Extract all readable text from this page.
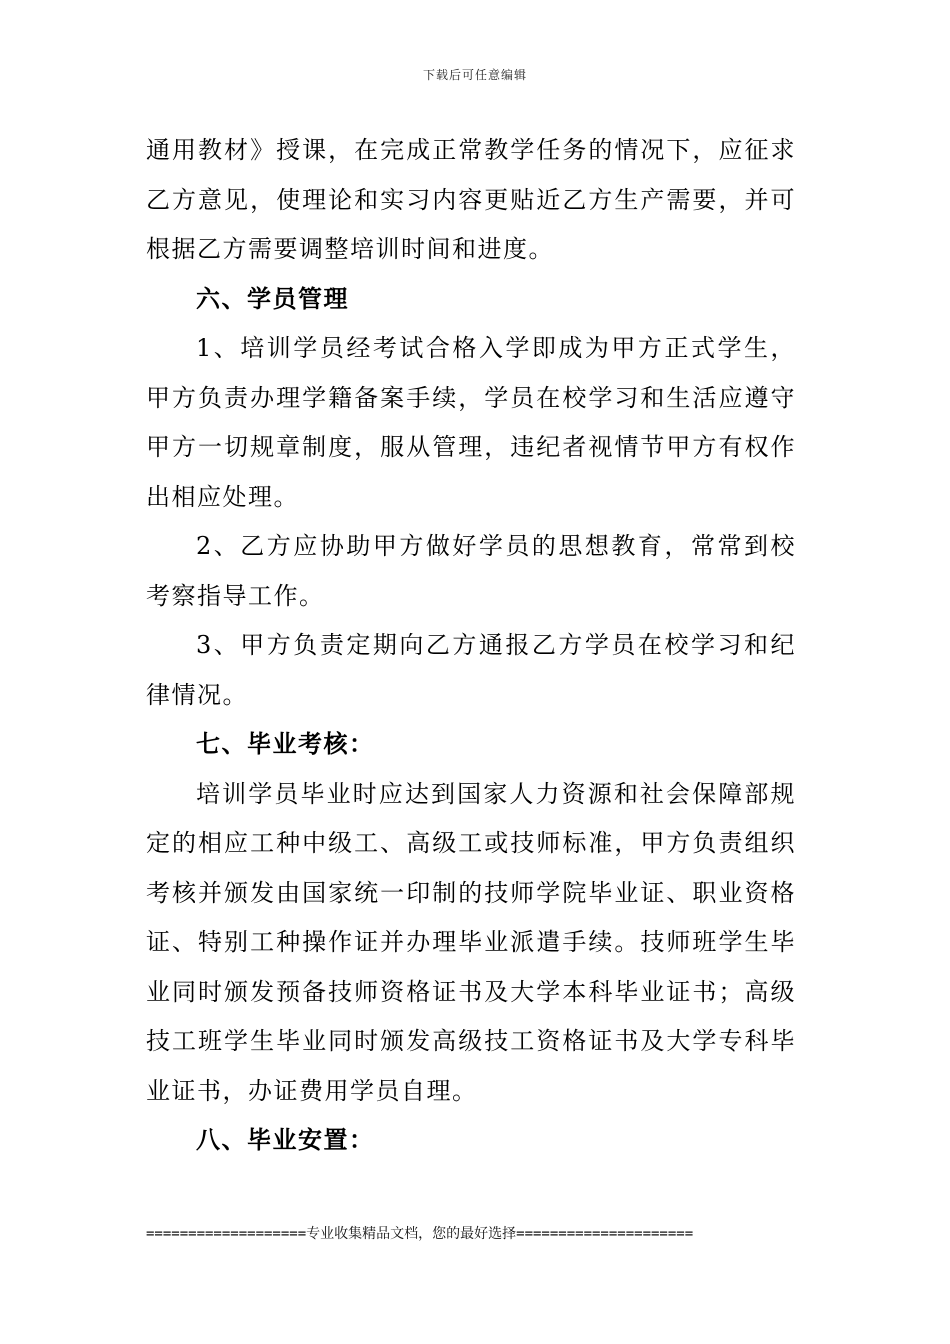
下载后可任意编辑

通用教材》授课，在完成正常教学任务的情况下，应征求乙方意见，使理论和实习内容更贴近乙方生产需要，并可根据乙方需要调整培训时间和进度。

六、学员管理

1、培训学员经考试合格入学即成为甲方正式学生，甲方负责办理学籍备案手续，学员在校学习和生活应遵守甲方一切规章制度，服从管理，违纪者视情节甲方有权作出相应处理。

2、乙方应协助甲方做好学员的思想教育，常常到校考察指导工作。

3、甲方负责定期向乙方通报乙方学员在校学习和纪律情况。

七、毕业考核：

培训学员毕业时应达到国家人力资源和社会保障部规定的相应工种中级工、高级工或技师标准，甲方负责组织考核并颁发由国家统一印制的技师学院毕业证、职业资格证、特别工种操作证并办理毕业派遣手续。技师班学生毕业同时颁发预备技师资格证书及大学本科毕业证书；高级技工班学生毕业同时颁发高级技工资格证书及大学专科毕业证书，办证费用学员自理。

八、毕业安置：

===================专业收集精品文档，您的最好选择=====================
